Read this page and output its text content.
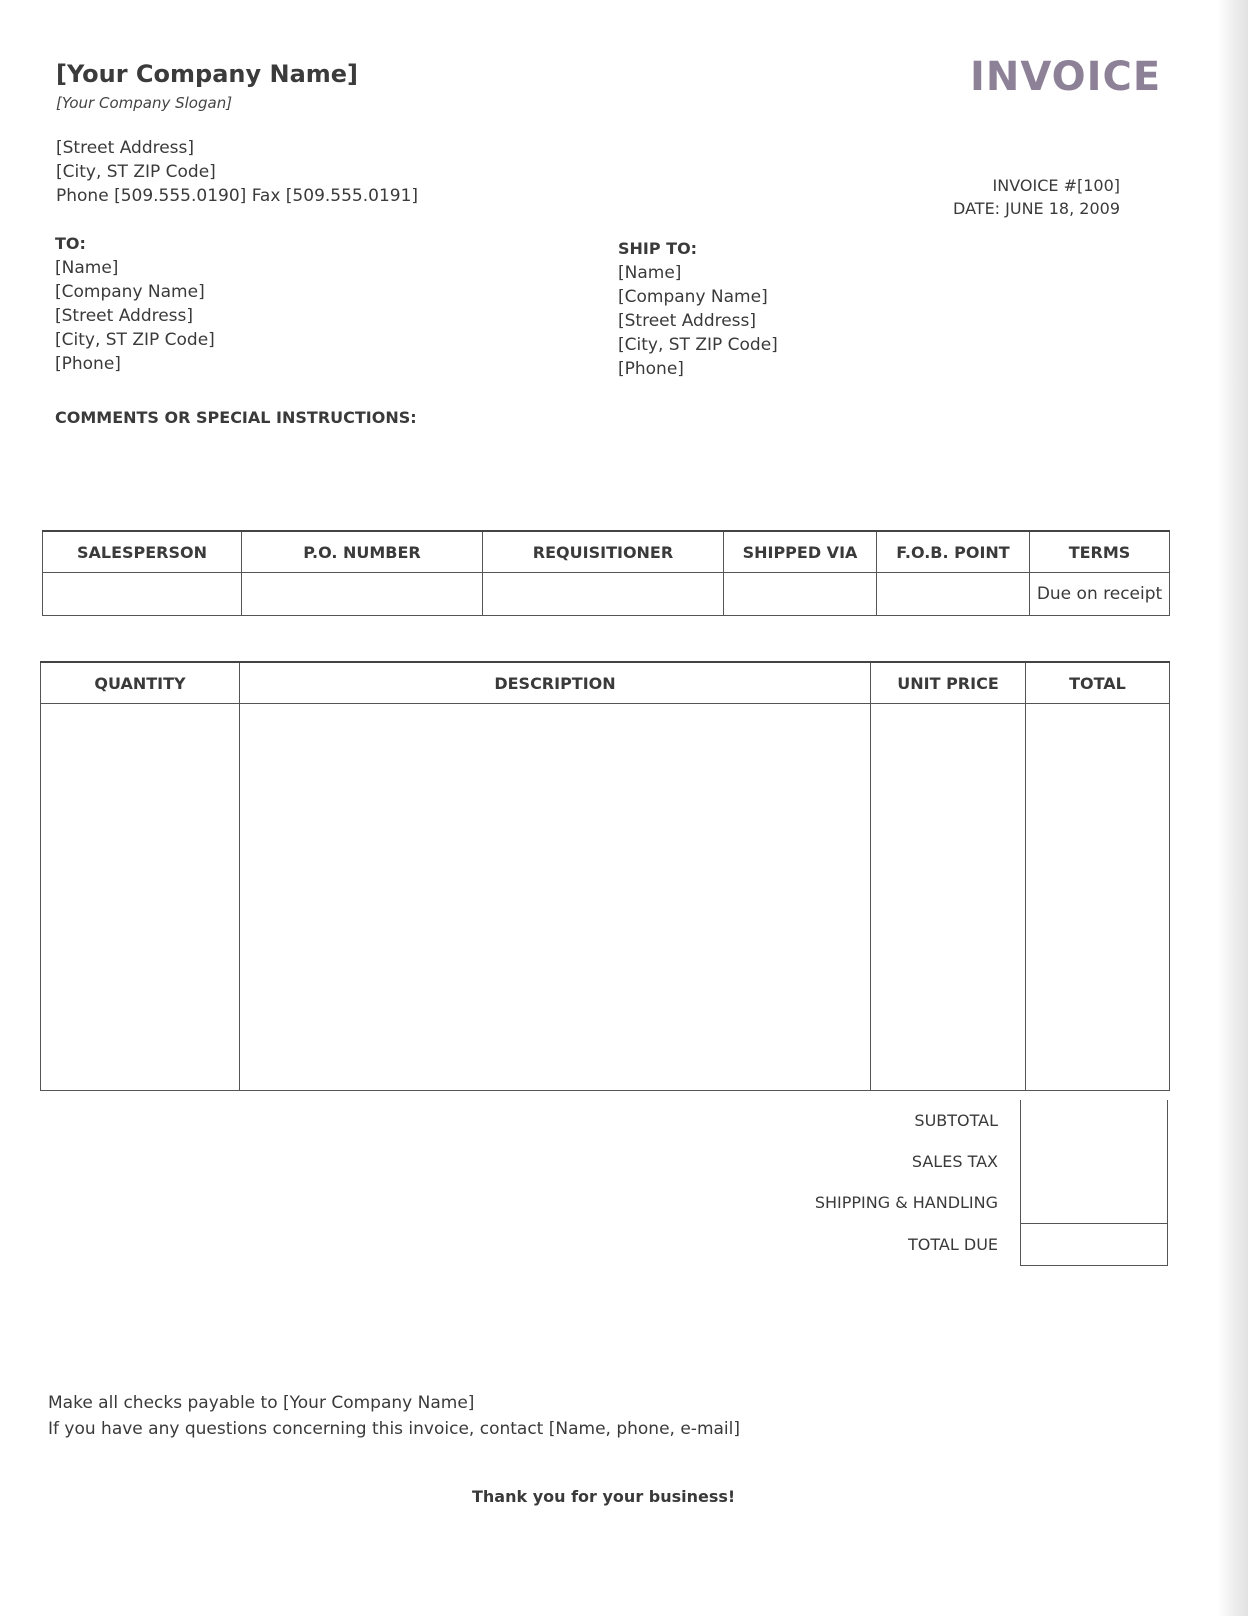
[Your Company Name]
[Your Company Slogan]
INVOICE
[Street Address]
[City, ST ZIP Code]
Phone [509.555.0190] Fax [509.555.0191]
INVOICE #[100]
DATE: JUNE 18, 2009
TO:
[Name]
[Company Name]
[Street Address]
[City, ST ZIP Code]
[Phone]
SHIP TO:
[Name]
[Company Name]
[Street Address]
[City, ST ZIP Code]
[Phone]
COMMENTS OR SPECIAL INSTRUCTIONS:
SALESPERSON	P.O. NUMBER	REQUISITIONER	SHIPPED VIA	F.O.B. POINT	TERMS
					Due on receipt
QUANTITY	DESCRIPTION	UNIT PRICE	TOTAL

SUBTOTAL	
SALES TAX	
SHIPPING & HANDLING	
TOTAL DUE	
Make all checks payable to [Your Company Name]
If you have any questions concerning this invoice, contact [Name, phone, e-mail]
Thank you for your business!
